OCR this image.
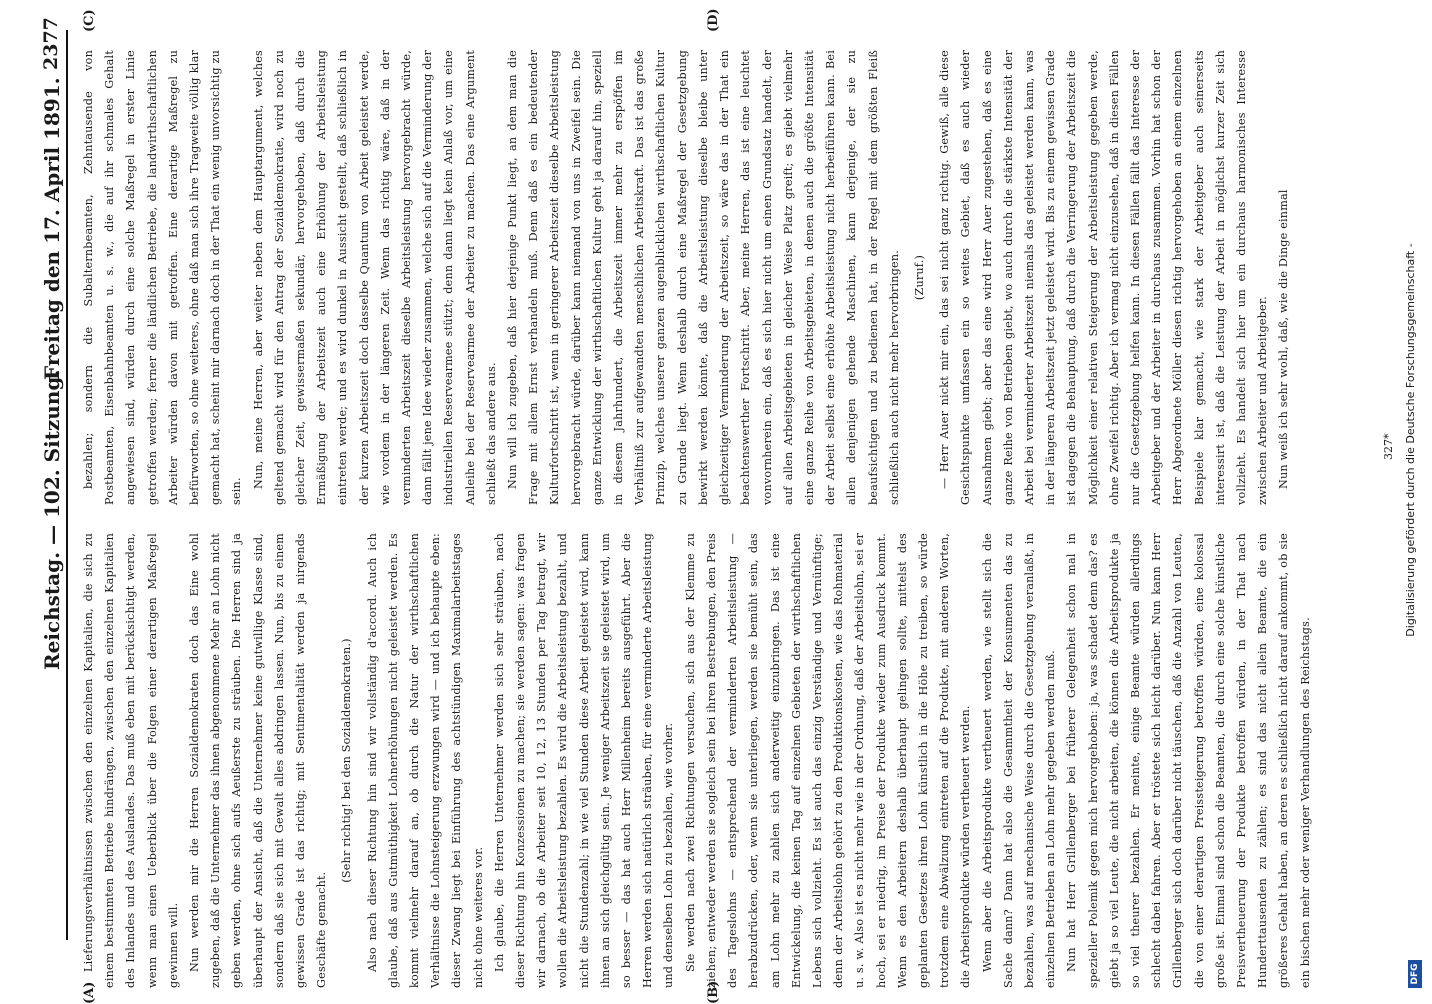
Reichstag. — 102. Sitzung.
Freitag den 17. April 1891.
2377
(A)	(B)
(C)	(D)

Lieferungsverhältnissen zwischen den einzelnen Kapitalien, die sich zu einem bestimmten Betriebe hindrängen, zwischen den einzelnen Kapitalien des Inlandes und des Auslandes. Das muß eben mit berücksichtigt werden, wenn man einen Ueberblick über die Folgen einer derartigen Maßregel gewinnen will. Nun werden mir die Herren Sozialdemokraten doch das Eine wohl zugeben, daß die Unternehmer das ihnen abgenommene Mehr an Lohn nicht geben werden, ohne sich aufs Aeußerste zu sträuben. Die Herren sind ja überhaupt der Ansicht, daß die Unternehmer keine gutwillige Klasse sind, sondern daß sie sich mit Gewalt alles abdringen lassen. Nun, bis zu einem gewissen Grade ist das richtig; mit Sentimentalität werden ja nirgends Geschäfte gemacht.

(Sehr richtig! bei den Sozialdemokraten.)	Also nach dieser Richtung hin sind wir vollständig d'accord. Auch ich glaube, daß aus Gutmüthigkeit Lohnerhöhungen nicht geleistet werden. Es kommt vielmehr darauf an, ob durch die Natur der wirthschaftlichen Verhältnisse die Lohnsteigerung erzwungen wird — und ich behaupte eben: dieser Zwang liegt bei Einführung des achtstündigen Maximalarbeitstages nicht ohne weiteres vor. Ich glaube, die Herren Unternehmer werden sich sehr sträuben, nach dieser Richtung hin Konzessionen zu machen; sie werden sagen: was fragen wir darnach, ob die Arbeiter seit 10, 12, 13 Stunden per Tag betragt, wir wollen die Arbeitsleistung bezahlen. Es wird die Arbeitsleistung bezahlt, und nicht die Stundenzahl; in wie viel Stunden diese Arbeit geleistet wird, kann ihnen an sich gleichgültig sein. Je weniger Arbeitszeit sie geleistet wird, um so besser — das hat auch Herr Millenheim bereits ausgeführt. Aber die Herren werden sich natürlich sträuben, für eine verminderte Arbeitsleistung und denselben Lohn zu bezahlen, wie vorher. Sie werden nach zwei Richtungen versuchen, sich aus der Klemme zu ziehen; entweder werden sie sogleich sein bei ihren Bestrebungen, den Preis des Tageslohns — entsprechend der verminderten Arbeitsleistung — herabzudrücken, oder, wenn sie unterliegen, werden sie bemüht sein, das am Lohn mehr zu zahlen sich anderweitig einzubringen. Das ist eine Entwickelung, die keinen Tag auf einzelnen Gebieten der wirthschaftlichen Lebens sich vollzieht. Es ist auch das einzig Verständige und Vernünftige; denn der Arbeitslohn gehört zu den Produktionskosten, wie das Rohmaterial u. s. w. Also ist es nicht mehr wie in der Ordnung, daß der Arbeitslohn, sei er hoch, sei er niedrig, im Preise der Produkte wieder zum Ausdruck kommt. Wenn es den Arbeitern deshalb überhaupt gelingen sollte, mittelst des geplanten Gesetzes ihren Lohn künstlich in die Höhe zu treiben, so würde trotzdem eine Abwälzung eintreten auf die Produkte, mit anderen Worten, die Arbeitsprodukte würden vertheuert werden. Wenn aber die Arbeitsprodukte vertheuert werden, wie stellt sich die Sache dann? Dann hat also die Gesammtheit der Konsumenten das zu bezahlen, was auf mechanische Weise durch die Gesetzgebung veranlaßt, in einzelnen Betrieben an Lohn mehr gegeben werden muß. Nun hat Herr Grillenberger bei früherer Gelegenheit schon mal in spezieller Polemik gegen mich hervorgehoben: ja, was schadet denn das? es giebt ja so viel Leute, die nicht arbeiten, die können die Arbeitsprodukte ja so viel theurer bezahlen. Er meinte, einige Beamte würden allerdings schlecht dabei fahren. Aber er tröstete sich leicht darüber. Nun kann Herr Grillenberger sich doch darüber nicht täuschen, daß die Anzahl von Leuten, die von einer derartigen Preissteigerung betroffen würden, eine kolossal große ist. Einmal sind schon die Beamten, die durch eine solche künstliche Preisvertheuerung der Produkte betroffen würden, in der That nach Hunderttausenden zu zählen; es sind das nicht allein Beamte, die ein größeres Gehalt haben, an deren es schließlich nicht darauf ankommt, ob sie ein bischen mehr oder weniger Verhandlungen des Reichstags.

bezahlen; sondern die Subalternbeamten, Zehntausende von Postbeamten, Eisenbahnbeamten u. s. w., die auf ihr schmales Gehalt angewiesen sind, würden durch eine solche Maßregel in erster Linie getroffen werden; ferner die ländlichen Betriebe, die landwirthschaftlichen Arbeiter würden davon mit getroffen. Eine derartige Maßregel zu befürworten, so ohne weiteres, ohne daß man sich ihre Tragweite völlig klar gemacht hat, scheint mir darnach doch in der That ein wenig unvorsichtig zu sein.

Nun, meine Herren, aber weiter neben dem Hauptargument, welches geltend gemacht wird für den Antrag der Sozialdemokratie, wird noch zu gleicher Zeit, gewissermaßen sekundär, hervorgehoben, daß durch die Ermäßigung der Arbeitszeit auch eine Erhöhung der Arbeitsleistung eintreten werde; und es wird dunkel in Aussicht gestellt, daß schließlich in der kurzen Arbeitszeit doch dasselbe Quantum von Arbeit geleistet werde, wie vordem in der längeren Zeit. Wenn das richtig wäre, daß in der verminderten Arbeitszeit dieselbe Arbeitsleistung hervorgebracht würde, dann fällt jene Idee wieder zusammen, welche sich auf die Verminderung der industriellen Reservearmee stützt; denn dann liegt kein Anlaß vor, um eine Anleihe bei der Reservearmee der Arbeiter zu machen. Das eine Argument schließt das andere aus. Nun will ich zugeben, daß hier derjenige Punkt liegt, an dem man die Frage mit allem Ernst verhandeln muß. Denn daß es ein bedeutender Kulturfortschritt ist, wenn in geringerer Arbeitszeit dieselbe Arbeitsleistung hervorgebracht würde, darüber kann niemand von uns in Zweifel sein. Die ganze Entwicklung der wirthschaftlichen Kultur geht ja darauf hin, speziell in diesem Jahrhundert, die Arbeitszeit immer mehr zu erspöffen im Verhältniß zur aufgewandten menschlichen Arbeitskraft. Das ist das große Prinzip, welches unserer ganzen augenblicklichen wirthschaftlichen Kultur zu Grunde liegt. Wenn deshalb durch eine Maßregel der Gesetzgebung bewirkt werden könnte, daß die Arbeitsleistung dieselbe bleibe unter gleichzeitiger Verminderung der Arbeitszeit, so wäre das in der That ein beachtenswerther Fortschritt. Aber, meine Herren, das ist eine leuchtet vonvornherein ein, daß es sich hier nicht um einen Grundsatz handelt, der auf allen Arbeitsgebieten in gleicher Weise Platz greift; es giebt vielmehr eine ganze Reihe von Arbeitsgebieten, in denen auch die größte Intensität der Arbeit selbst eine erhöhte Arbeitsleistung nicht herbeiführen kann. Bei allen denjenigen gehende Maschinen, kann derjenige, der sie zu beaufsichtigen und zu bedienen hat, in der Regel mit dem größten Fleiß schließlich auch nicht mehr hervorbringen.	(Zuruf.)	— Herr Auer nickt mir ein, das sei nicht ganz richtig. Gewiß, alle diese Gesichtspunkte umfassen ein so weites Gebiet, daß es auch wieder Ausnahmen giebt; aber das eine wird Herr Auer zugestehen, daß es eine ganze Reihe von Betrieben giebt, wo auch durch die stärkste Intensität der Arbeit bei verminderter Arbeitszeit niemals das geleistet werden kann, was in der längeren Arbeitszeit jetzt geleistet wird. Bis zu einem gewissen Grade ist dagegen die Behauptung, daß durch die Verringerung der Arbeitszeit die Möglichkeit einer relativen Steigerung der Arbeitsleistung gegeben werde, ohne Zweifel richtig. Aber ich vermag nicht einzusehen, daß in diesen Fällen nur die Gesetzgebung helfen kann. In diesen Fällen fällt das Interesse der Arbeitgeber und der Arbeiter in durchaus zusammen. Vorhin hat schon der Herr Abgeordnete Möller diesen richtig hervorgehoben an einem einzelnen Beispiele klar gemacht, wie stark der Arbeitgeber auch seinerseits interessirt ist, daß die Leistung der Arbeit in möglichst kurzer Zeit sich vollzieht. Es handelt sich hier um ein durchaus harmonisches Interesse zwischen Arbeiter und Arbeitgeber. Nun weiß ich sehr wohl, daß, wie die Dinge einmal	327* Digitalisierung gefördert durch die Deutsche Forschungsgemeinschaft -
DFG
